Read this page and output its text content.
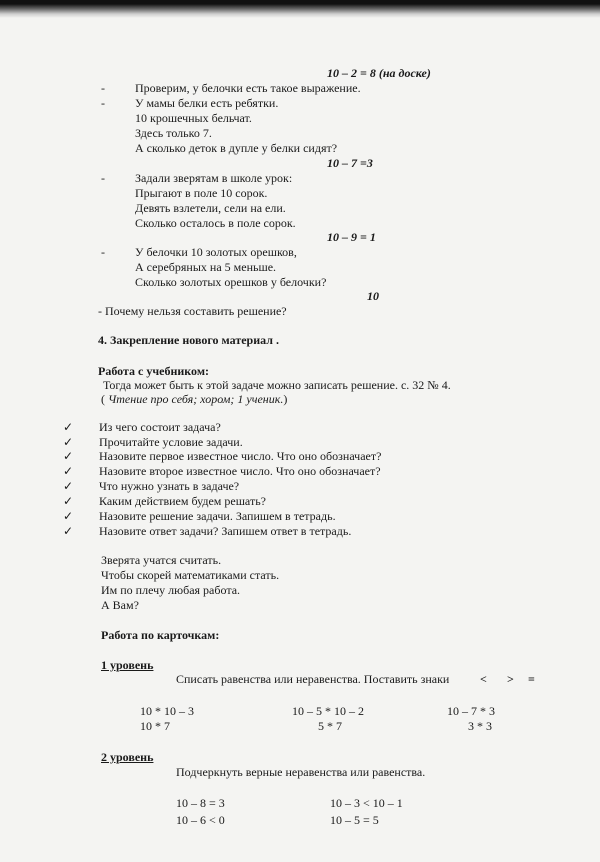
10 – 2 = 8 (на доске)
-	Проверим, у белочки есть такое выражение.
-	У мамы белки есть ребятки.
10 крошечных бельчат.
Здесь только 7.
А сколько деток в дупле у белки сидят?
10 – 7 =3
-	Задали зверятам в школе урок:
Прыгают в поле 10 сорок.
Девять взлетели, сели на ели.
Сколько осталось в поле сорок.
10 – 9 = 1
-	У белочки 10 золотых орешков,
А серебряных на 5 меньше.
Сколько золотых орешков у белочки?
10
- Почему нельзя составить решение?
4. Закрепление нового материал .
Работа с учебником:
Тогда может быть к этой задаче можно записать решение. с. 32 № 4.
( Чтение про себя; хором; 1 ученик.)
✓ Из чего состоит задача?
✓ Прочитайте условие задачи.
✓ Назовите первое известное число. Что оно обозначает?
✓ Назовите второе известное число. Что оно обозначает?
✓ Что нужно узнать в задаче?
✓ Каким действием будем решать?
✓ Назовите решение задачи. Запишем в тетрадь.
✓ Назовите ответ задачи? Запишем ответ в тетрадь.
Зверята учатся считать.
Чтобы скорей математиками стать.
Им по плечу любая работа.
А Вам?
Работа по карточкам:
1 уровень
Списать равенства или неравенства. Поставить знаки	< > =
10 * 10 – 3	10 – 5 * 10 – 2	10 – 7 * 3
10 * 7	5 * 7	3 * 3
2 уровень
Подчеркнуть верные неравенства или равенства.
10 – 8 = 3	10 – 3 < 10 – 1
10 – 6 < 0	10 – 5 = 5
